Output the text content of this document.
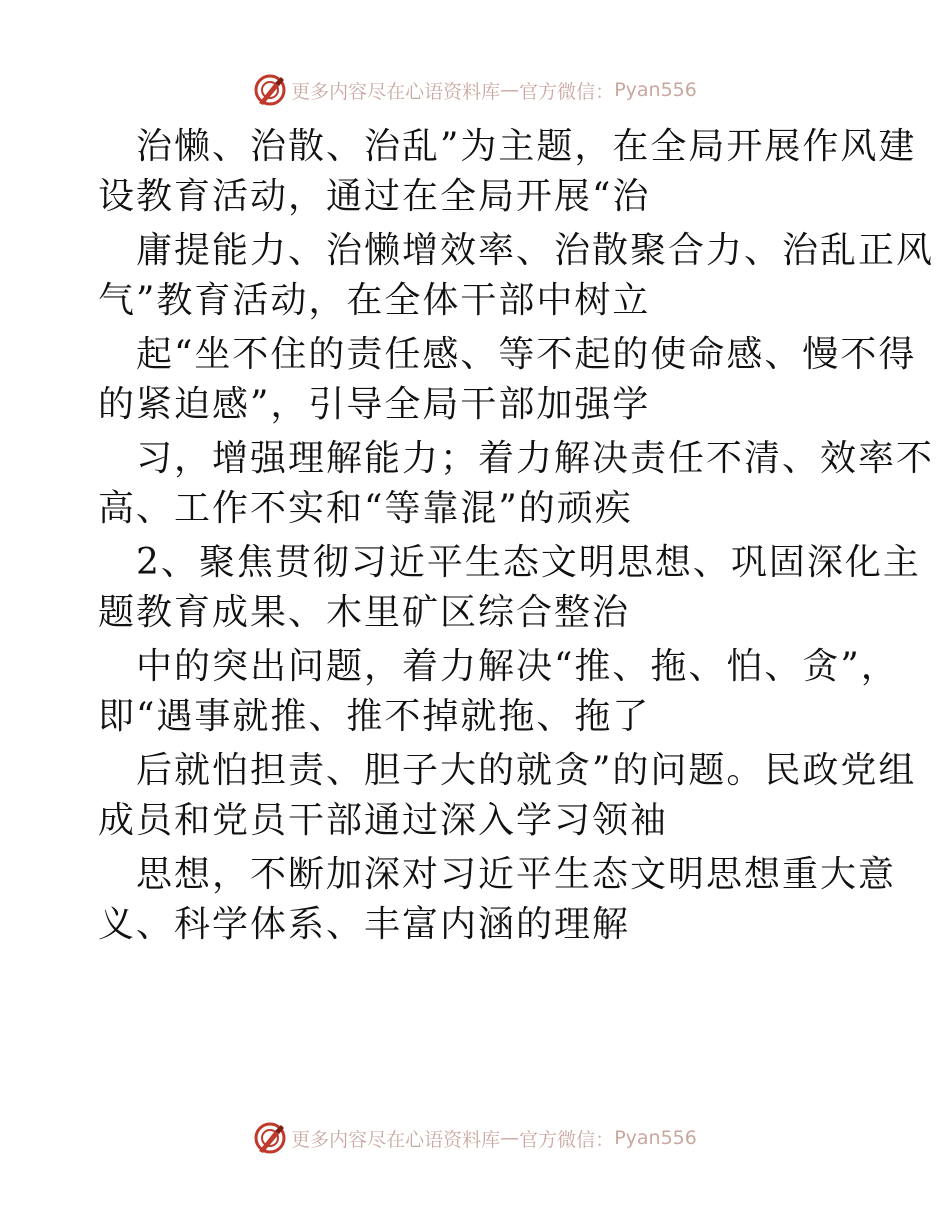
更多内容尽在心语资料库 — 官方微信： Pyan556

治懒、治散、治乱”为主题，在全局开展作风建
设教育活动，通过在全局开展“治

庸提能力、治懒增效率、治散聚合力、治乱正风
气”教育活动，在全体干部中树立

起“坐不住的责任感、等不起的使命感、慢不得
的紧迫感”，引导全局干部加强学

习，增强理解能力；着力解决责任不清、效率不
高、工作不实和“等靠混”的顽疾

2、聚焦贯彻习近平生态文明思想、巩固深化主
题教育成果、木里矿区综合整治

中的突出问题，着力解决“推、拖、怕、贪”，
即“遇事就推、推不掉就拖、拖了

后就怕担责、胆子大的就贪”的问题。民政党组
成员和党员干部通过深入学习领袖

思想，不断加深对习近平生态文明思想重大意
义、科学体系、丰富内涵的理解

更多内容尽在心语资料库 — 官方微信： Pyan556
